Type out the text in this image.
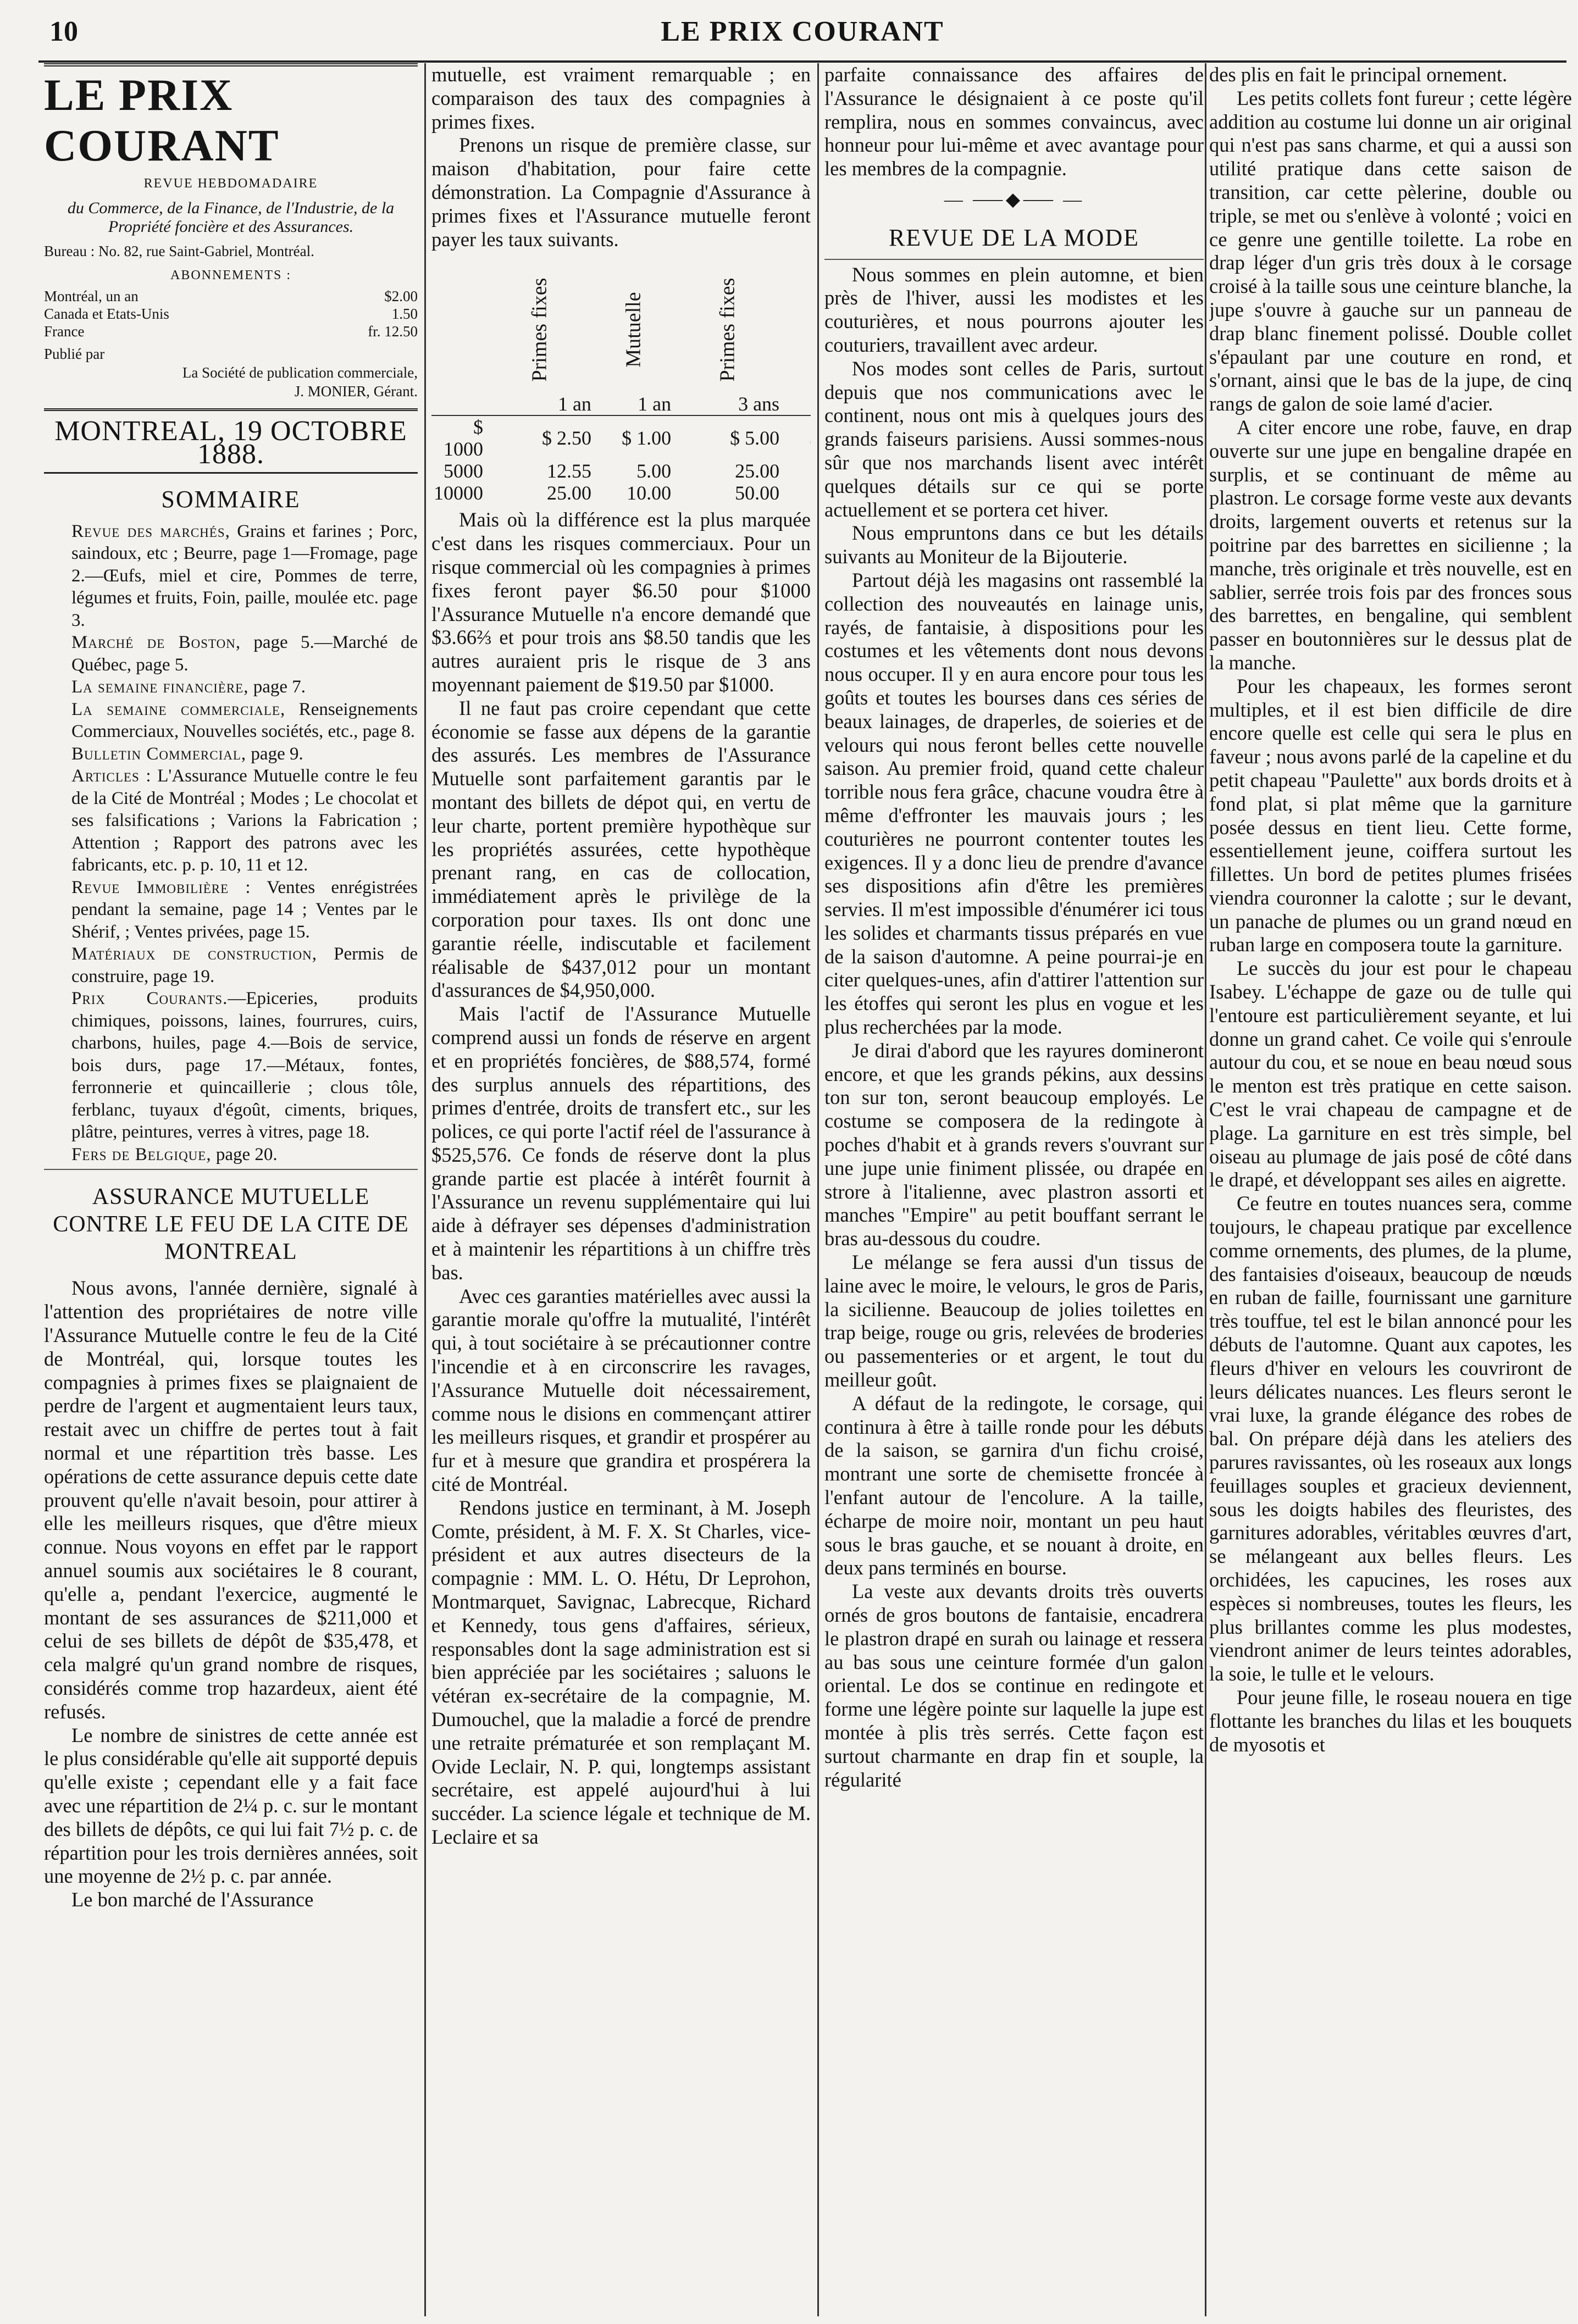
10	LE PRIX COURANT
LE PRIX COURANT
REVUE HEBDOMADAIRE
du Commerce, de la Finance, de l'Industrie, de la Propriété foncière et des Assurances.
Bureau : No. 82, rue Saint-Gabriel, Montréal.
ABONNEMENTS :
Montréal, un an	$2.00
Canada et Etats-Unis	1.50
France	fr. 12.50
Publié par
La Société de publication commerciale,
J. MONIER, Gérant.
MONTREAL, 19 OCTOBRE 1888.
SOMMAIRE

Revue des marchés, Grains et farines ; Porc, saindoux, etc ; Beurre, page 1—Fromage, page 2.—Œufs, miel et cire, Pommes de terre, légumes et fruits, Foin, paille, moulée etc. page 3.

Marché de Boston, page 5.—Marché de Québec, page 5.

La semaine financière, page 7.

La semaine commerciale, Renseignements Commerciaux, Nouvelles sociétés, etc., page 8.

Bulletin Commercial, page 9.

Articles : L'Assurance Mutuelle contre le feu de la Cité de Montréal ; Modes ; Le chocolat et ses falsifications ; Varions la Fabrication ; Attention ; Rapport des patrons avec les fabricants, etc. p. p. 10, 11 et 12.

Revue Immobilière : Ventes enrégistrées pendant la semaine, page 14 ; Ventes par le Shérif, ; Ventes privées, page 15.

Matériaux de construction, Permis de construire, page 19.

Prix Courants.—Epiceries, produits chimiques, poissons, laines, fourrures, cuirs, charbons, huiles, page 4.—Bois de service, bois durs, page 17.—Métaux, fontes, ferronnerie et quincaillerie ; clous tôle, ferblanc, tuyaux d'égoût, ciments, briques, plâtre, peintures, verres à vitres, page 18.

Fers de Belgique, page 20.

ASSURANCE MUTUELLE CONTRE LE FEU DE LA CITE DE MONTREAL

Nous avons, l'année dernière, signalé à l'attention des propriétaires de notre ville l'Assurance Mutuelle contre le feu de la Cité de Montréal, qui, lorsque toutes les compagnies à primes fixes se plaignaient de perdre de l'argent et augmentaient leurs taux, restait avec un chiffre de pertes tout à fait normal et une répartition très basse. Les opérations de cette assurance depuis cette date prouvent qu'elle n'avait besoin, pour attirer à elle les meilleurs risques, que d'être mieux connue. Nous voyons en effet par le rapport annuel soumis aux sociétaires le 8 courant, qu'elle a, pendant l'exercice, augmenté le montant de ses assurances de $211,000 et celui de ses billets de dépôt de $35,478, et cela malgré qu'un grand nombre de risques, considérés comme trop hazardeux, aient été refusés.

Le nombre de sinistres de cette année est le plus considérable qu'elle ait supporté depuis qu'elle existe ; cependant elle y a fait face avec une répartition de 2¼ p. c. sur le montant des billets de dépôts, ce qui lui fait 7½ p. c. de répartition pour les trois dernières années, soit une moyenne de 2½ p. c. par année.

Le bon marché de l'Assurance

mutuelle, est vraiment remarquable ; en comparaison des taux des compagnies à primes fixes.

Prenons un risque de première classe, sur maison d'habitation, pour faire cette démonstration. La Compagnie d'Assurance à primes fixes et l'Assurance mutuelle feront payer les taux suivants.

	Primes fixes	Mutuelle	Primes fixes	
	1 an	1 an	3 ans	
$ 1000	$ 2.50	$ 1.00	$ 5.00	
5000	12.55	5.00	25.00	
10000	25.00	10.00	50.00	

Mais où la différence est la plus marquée c'est dans les risques commerciaux. Pour un risque commercial où les compagnies à primes fixes feront payer $6.50 pour $1000 l'Assurance Mutuelle n'a encore demandé que $3.66⅔ et pour trois ans $8.50 tandis que les autres auraient pris le risque de 3 ans moyennant paiement de $19.50 par $1000.

Il ne faut pas croire cependant que cette économie se fasse aux dépens de la garantie des assurés. Les membres de l'Assurance Mutuelle sont parfaitement garantis par le montant des billets de dépot qui, en vertu de leur charte, portent première hypothèque sur les propriétés assurées, cette hypothèque prenant rang, en cas de collocation, immédiatement après le privilège de la corporation pour taxes. Ils ont donc une garantie réelle, indiscutable et facilement réalisable de $437,012 pour un montant d'assurances de $4,950,000.

Mais l'actif de l'Assurance Mutuelle comprend aussi un fonds de réserve en argent et en propriétés foncières, de $88,574, formé des surplus annuels des répartitions, des primes d'entrée, droits de transfert etc., sur les polices, ce qui porte l'actif réel de l'assurance à $525,576. Ce fonds de réserve dont la plus grande partie est placée à intérêt fournit à l'Assurance un revenu supplémentaire qui lui aide à défrayer ses dépenses d'administration et à maintenir les répartitions à un chiffre très bas.

Avec ces garanties matérielles avec aussi la garantie morale qu'offre la mutualité, l'intérêt qui, à tout sociétaire à se précautionner contre l'incendie et à en circonscrire les ravages, l'Assurance Mutuelle doit nécessairement, comme nous le disions en commençant attirer les meilleurs risques, et grandir et prospérer au fur et à mesure que grandira et prospérera la cité de Montréal.

Rendons justice en terminant, à M. Joseph Comte, président, à M. F. X. St Charles, vice-président et aux autres disecteurs de la compagnie : MM. L. O. Hétu, Dr Leprohon, Montmarquet, Savignac, Labrecque, Richard et Kennedy, tous gens d'affaires, sérieux, responsables dont la sage administration est si bien appréciée par les sociétaires ; saluons le vétéran ex-secrétaire de la compagnie, M. Dumouchel, que la maladie a forcé de prendre une retraite prématurée et son remplaçant M. Ovide Leclair, N. P. qui, longtemps assistant secrétaire, est appelé aujourd'hui à lui succéder. La science légale et technique de M. Leclaire et sa

parfaite connaissance des affaires de l'Assurance le désignaient à ce poste qu'il remplira, nous en sommes convaincus, avec honneur pour lui-même et avec avantage pour les membres de la compagnie.

— ⸺◆⸺ —
REVUE DE LA MODE

Nous sommes en plein automne, et bien près de l'hiver, aussi les modistes et les couturières, et nous pourrons ajouter les couturiers, travaillent avec ardeur.

Nos modes sont celles de Paris, surtout depuis que nos communications avec le continent, nous ont mis à quelques jours des grands faiseurs parisiens. Aussi sommes-nous sûr que nos marchands lisent avec intérêt quelques détails sur ce qui se porte actuellement et se portera cet hiver.

Nous empruntons dans ce but les détails suivants au Moniteur de la Bijouterie.

Partout déjà les magasins ont rassemblé la collection des nouveautés en lainage unis, rayés, de fantaisie, à dispositions pour les costumes et les vêtements dont nous devons nous occuper. Il y en aura encore pour tous les goûts et toutes les bourses dans ces séries de beaux lainages, de draperles, de soieries et de velours qui nous feront belles cette nouvelle saison. Au premier froid, quand cette chaleur torrible nous fera grâce, chacune voudra être à même d'effronter les mauvais jours ; les couturières ne pourront contenter toutes les exigences. Il y a donc lieu de prendre d'avance ses dispositions afin d'être les premières servies. Il m'est impossible d'énumérer ici tous les solides et charmants tissus préparés en vue de la saison d'automne. A peine pourrai-je en citer quelques-unes, afin d'attirer l'attention sur les étoffes qui seront les plus en vogue et les plus recherchées par la mode.

Je dirai d'abord que les rayures domineront encore, et que les grands pékins, aux dessins ton sur ton, seront beaucoup employés. Le costume se composera de la redingote à poches d'habit et à grands revers s'ouvrant sur une jupe unie finiment plissée, ou drapée en strore à l'italienne, avec plastron assorti et manches "Empire" au petit bouffant serrant le bras au-dessous du coudre.

Le mélange se fera aussi d'un tissus de laine avec le moire, le velours, le gros de Paris, la sicilienne. Beaucoup de jolies toilettes en trap beige, rouge ou gris, relevées de broderies ou passementeries or et argent, le tout du meilleur goût.

A défaut de la redingote, le corsage, qui continura à être à taille ronde pour les débuts de la saison, se garnira d'un fichu croisé, montrant une sorte de chemisette froncée à l'enfant autour de l'encolure. A la taille, écharpe de moire noir, montant un peu haut sous le bras gauche, et se nouant à droite, en deux pans terminés en bourse.

La veste aux devants droits très ouverts ornés de gros boutons de fantaisie, encadrera le plastron drapé en surah ou lainage et ressera au bas sous une ceinture formée d'un galon oriental. Le dos se continue en redingote et forme une légère pointe sur laquelle la jupe est montée à plis très serrés. Cette façon est surtout charmante en drap fin et souple, la régularité

des plis en fait le principal ornement.

Les petits collets font fureur ; cette légère addition au costume lui donne un air original qui n'est pas sans charme, et qui a aussi son utilité pratique dans cette saison de transition, car cette pèlerine, double ou triple, se met ou s'enlève à volonté ; voici en ce genre une gentille toilette. La robe en drap léger d'un gris très doux à le corsage croisé à la taille sous une ceinture blanche, la jupe s'ouvre à gauche sur un panneau de drap blanc finement polissé. Double collet s'épaulant par une couture en rond, et s'ornant, ainsi que le bas de la jupe, de cinq rangs de galon de soie lamé d'acier.

A citer encore une robe, fauve, en drap ouverte sur une jupe en bengaline drapée en surplis, et se continuant de même au plastron. Le corsage forme veste aux devants droits, largement ouverts et retenus sur la poitrine par des barrettes en sicilienne ; la manche, très originale et très nouvelle, est en sablier, serrée trois fois par des fronces sous des barrettes, en bengaline, qui semblent passer en boutonnières sur le dessus plat de la manche.

Pour les chapeaux, les formes seront multiples, et il est bien difficile de dire encore quelle est celle qui sera le plus en faveur ; nous avons parlé de la capeline et du petit chapeau "Paulette" aux bords droits et à fond plat, si plat même que la garniture posée dessus en tient lieu. Cette forme, essentiellement jeune, coiffera surtout les fillettes. Un bord de petites plumes frisées viendra couronner la calotte ; sur le devant, un panache de plumes ou un grand nœud en ruban large en composera toute la garniture.

Le succès du jour est pour le chapeau Isabey. L'échappe de gaze ou de tulle qui l'entoure est particulièrement seyante, et lui donne un grand cahet. Ce voile qui s'enroule autour du cou, et se noue en beau nœud sous le menton est très pratique en cette saison. C'est le vrai chapeau de campagne et de plage. La garniture en est très simple, bel oiseau au plumage de jais posé de côté dans le drapé, et développant ses ailes en aigrette.

Ce feutre en toutes nuances sera, comme toujours, le chapeau pratique par excellence comme ornements, des plumes, de la plume, des fantaisies d'oiseaux, beaucoup de nœuds en ruban de faille, fournissant une garniture très touffue, tel est le bilan annoncé pour les débuts de l'automne. Quant aux capotes, les fleurs d'hiver en velours les couvriront de leurs délicates nuances. Les fleurs seront le vrai luxe, la grande élégance des robes de bal. On prépare déjà dans les ateliers des parures ravissantes, où les roseaux aux longs feuillages souples et gracieux deviennent, sous les doigts habiles des fleuristes, des garnitures adorables, véritables œuvres d'art, se mélangeant aux belles fleurs. Les orchidées, les capucines, les roses aux espèces si nombreuses, toutes les fleurs, les plus brillantes comme les plus modestes, viendront animer de leurs teintes adorables, la soie, le tulle et le velours.

Pour jeune fille, le roseau nouera en tige flottante les branches du lilas et les bouquets de myosotis et
